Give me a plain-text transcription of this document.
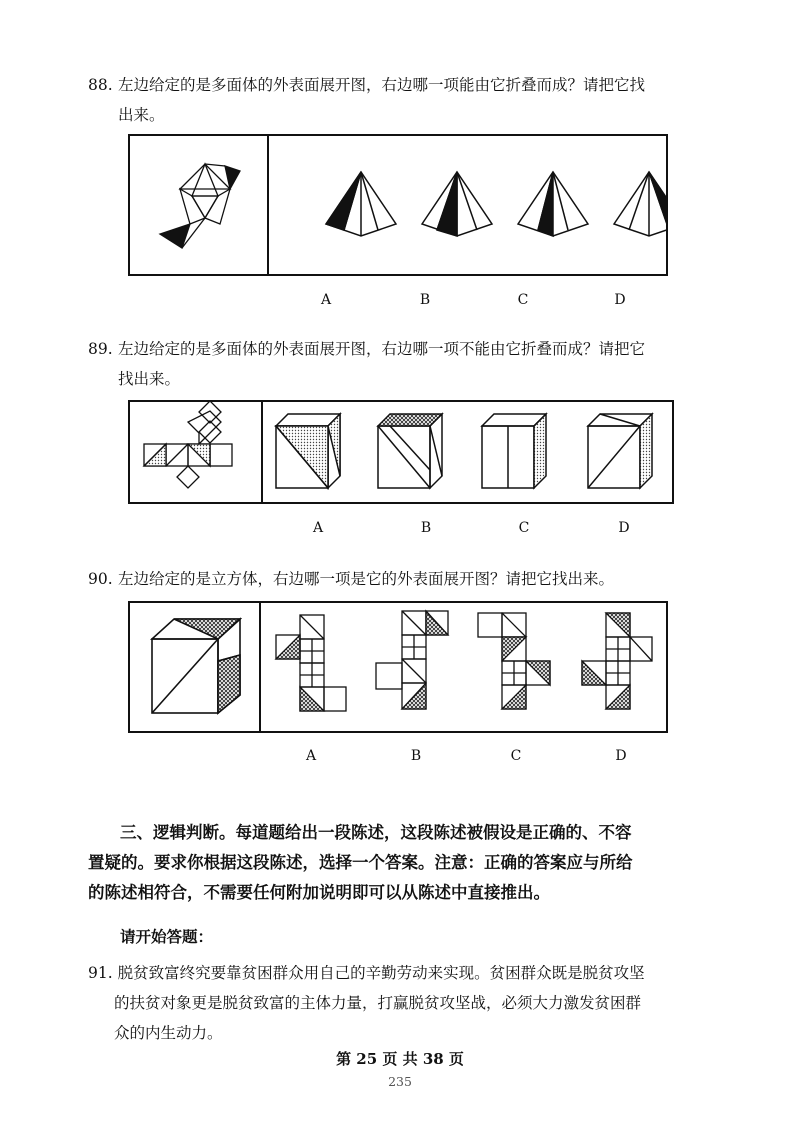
88. 左边给定的是多面体的外表面展开图，右边哪一项能由它折叠而成？请把它找
出来。
A	B	C	D
89. 左边给定的是多面体的外表面展开图，右边哪一项不能由它折叠而成？请把它
找出来。
A	B	C	D
90. 左边给定的是立方体，右边哪一项是它的外表面展开图？请把它找出来。
A	B	C	D
三、逻辑判断。每道题给出一段陈述，这段陈述被假设是正确的、不容
置疑的。要求你根据这段陈述，选择一个答案。注意：正确的答案应与所给
的陈述相符合，不需要任何附加说明即可以从陈述中直接推出。
请开始答题：
91. 脱贫致富终究要靠贫困群众用自己的辛勤劳动来实现。贫困群众既是脱贫攻坚
的扶贫对象更是脱贫致富的主体力量，打赢脱贫攻坚战，必须大力激发贫困群
众的内生动力。
第 25 页 共 38 页
235
